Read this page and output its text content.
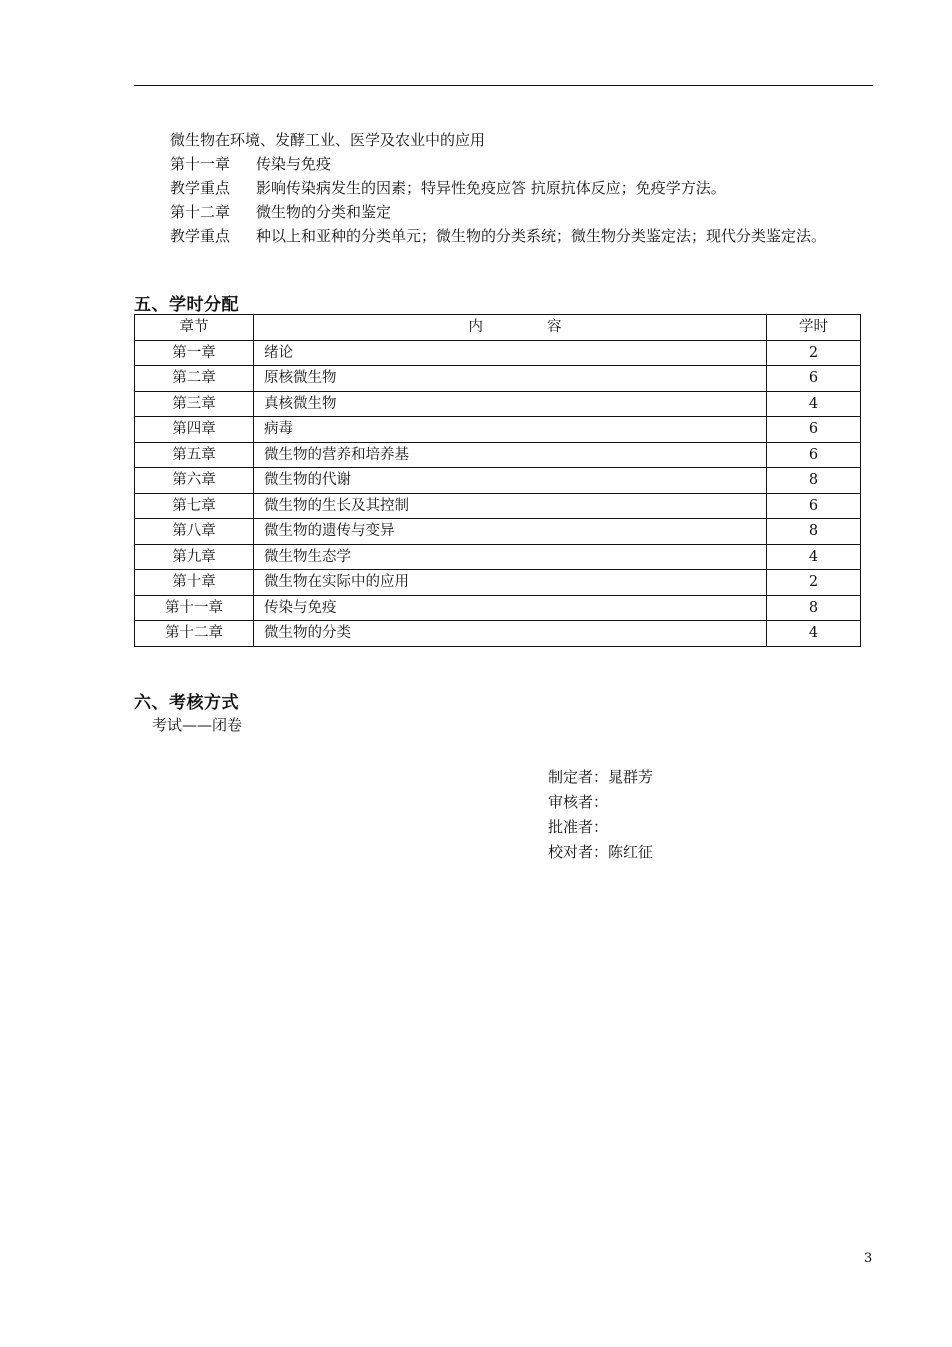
微生物在环境、发酵工业、医学及农业中的应用
第十一章 传染与免疫
教学重点 影响传染病发生的因素；特异性免疫应答 抗原抗体反应；免疫学方法。
第十二章 微生物的分类和鉴定
教学重点 种以上和亚种的分类单元；微生物的分类系统；微生物分类鉴定法；现代分类鉴定法。
五、学时分配
章节	内 容	学时
第一章	绪论	2
第二章	原核微生物	6
第三章	真核微生物	4
第四章	病毒	6
第五章	微生物的营养和培养基	6
第六章	微生物的代谢	8
第七章	微生物的生长及其控制	6
第八章	微生物的遗传与变异	8
第九章	微生物生态学	4
第十章	微生物在实际中的应用	2
第十一章	传染与免疫	8
第十二章	微生物的分类	4
六、考核方式
考试——闭卷
制定者：晁群芳
审核者：
批准者：
校对者：陈红征
3
